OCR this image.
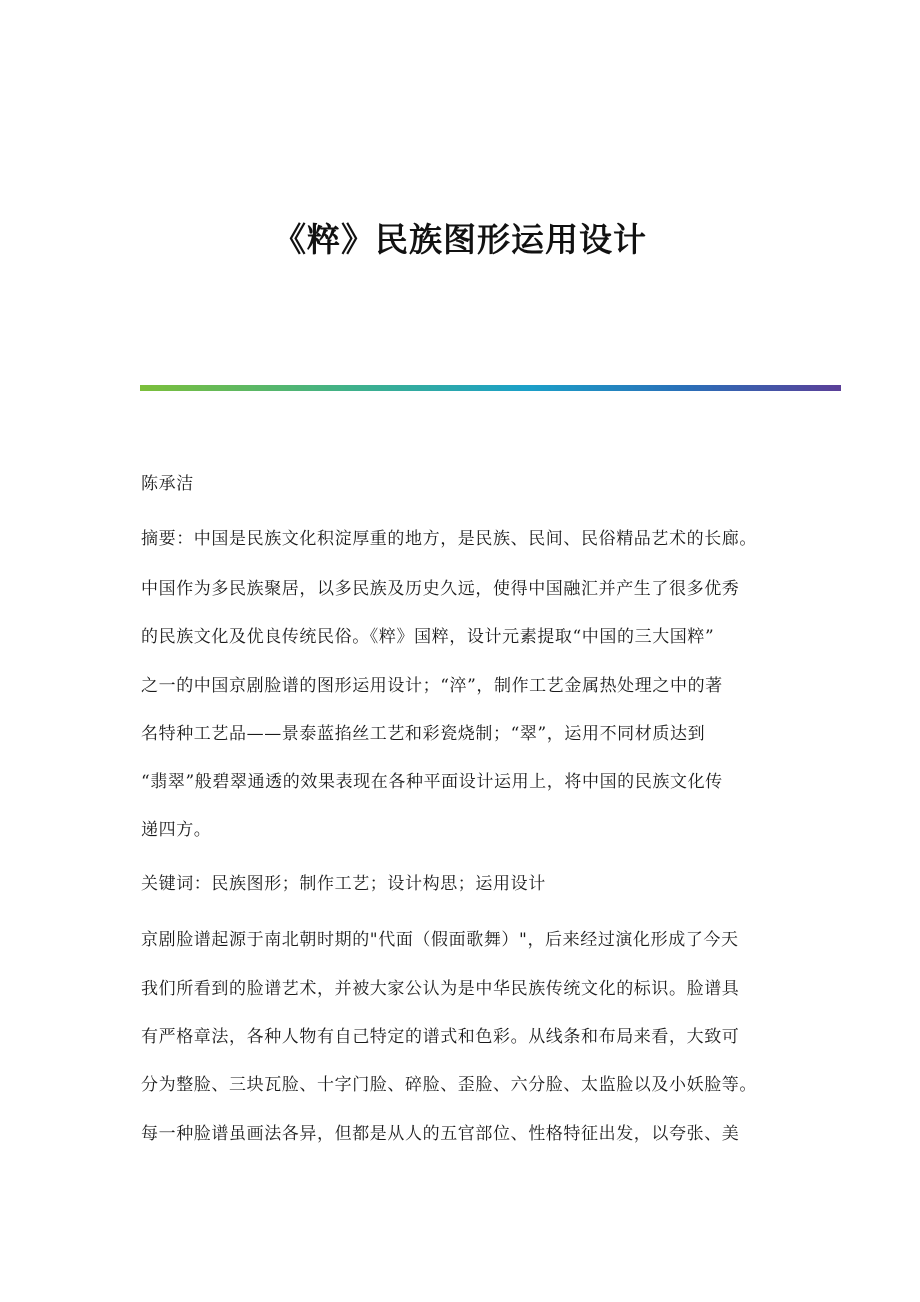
《粹》民族图形运用设计
陈承洁
摘要：中国是民族文化积淀厚重的地方，是民族、民间、民俗精品艺术的长廊。
中国作为多民族聚居，以多民族及历史久远，使得中国融汇并产生了很多优秀
的民族文化及优良传统民俗。《粹》国粹，设计元素提取“中国的三大国粹”
之一的中国京剧脸谱的图形运用设计；“淬”，制作工艺金属热处理之中的著
名特种工艺品——景泰蓝掐丝工艺和彩瓷烧制；“翠”，运用不同材质达到
“翡翠”般碧翠通透的效果表现在各种平面设计运用上，将中国的民族文化传
递四方。
关键词：民族图形；制作工艺；设计构思；运用设计
京剧脸谱起源于南北朝时期的"代面（假面歌舞）"，后来经过演化形成了今天
我们所看到的脸谱艺术，并被大家公认为是中华民族传统文化的标识。脸谱具
有严格章法，各种人物有自己特定的谱式和色彩。从线条和布局来看，大致可
分为整脸、三块瓦脸、十字门脸、碎脸、歪脸、六分脸、太监脸以及小妖脸等。
每一种脸谱虽画法各异，但都是从人的五官部位、性格特征出发，以夸张、美
